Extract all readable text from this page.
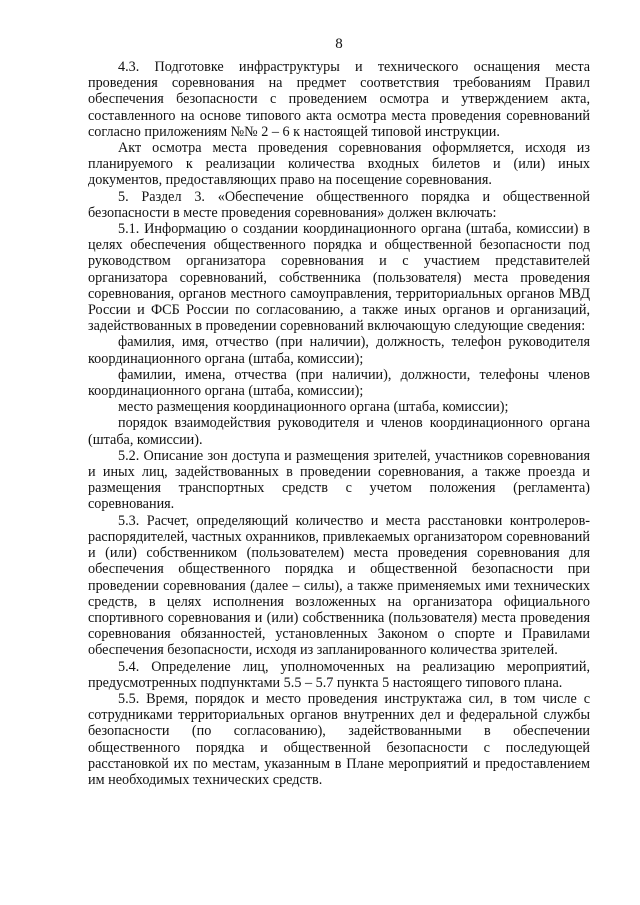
8

4.3. Подготовке инфраструктуры и технического оснащения места проведения соревнования на предмет соответствия требованиям Правил обеспечения безопасности с проведением осмотра и утверждением акта, составленного на основе типового акта осмотра места проведения соревнований согласно приложениям №№ 2 – 6 к настоящей типовой инструкции.

Акт осмотра места проведения соревнования оформляется, исходя из планируемого к реализации количества входных билетов и (или) иных документов, предоставляющих право на посещение соревнования.

5. Раздел 3. «Обеспечение общественного порядка и общественной безопасности в месте проведения соревнования» должен включать:

5.1. Информацию о создании координационного органа (штаба, комиссии) в целях обеспечения общественного порядка и общественной безопасности под руководством организатора соревнования и с участием представителей организатора соревнований, собственника (пользователя) места проведения соревнования, органов местного самоуправления, территориальных органов МВД России и ФСБ России по согласованию, а также иных органов и организаций, задействованных в проведении соревнований включающую следующие сведения:

фамилия, имя, отчество (при наличии), должность, телефон руководителя координационного органа (штаба, комиссии);

фамилии, имена, отчества (при наличии), должности, телефоны членов координационного органа (штаба, комиссии);

место размещения координационного органа (штаба, комиссии);

порядок взаимодействия руководителя и членов координационного органа (штаба, комиссии).

5.2. Описание зон доступа и размещения зрителей, участников соревнования и иных лиц, задействованных в проведении соревнования, а также проезда и размещения транспортных средств с учетом положения (регламента) соревнования.

5.3. Расчет, определяющий количество и места расстановки контролеров-распорядителей, частных охранников, привлекаемых организатором соревнований и (или) собственником (пользователем) места проведения соревнования для обеспечения общественного порядка и общественной безопасности при проведении соревнования (далее – силы), а также применяемых ими технических средств, в целях исполнения возложенных на организатора официального спортивного соревнования и (или) собственника (пользователя) места проведения соревнования обязанностей, установленных Законом о спорте и Правилами обеспечения безопасности, исходя из запланированного количества зрителей.

5.4. Определение лиц, уполномоченных на реализацию мероприятий, предусмотренных подпунктами 5.5 – 5.7 пункта 5 настоящего типового плана.

5.5. Время, порядок и место проведения инструктажа сил, в том числе с сотрудниками территориальных органов внутренних дел и федеральной службы безопасности (по согласованию), задействованными в обеспечении общественного порядка и общественной безопасности с последующей расстановкой их по местам, указанным в Плане мероприятий и предоставлением им необходимых технических средств.
